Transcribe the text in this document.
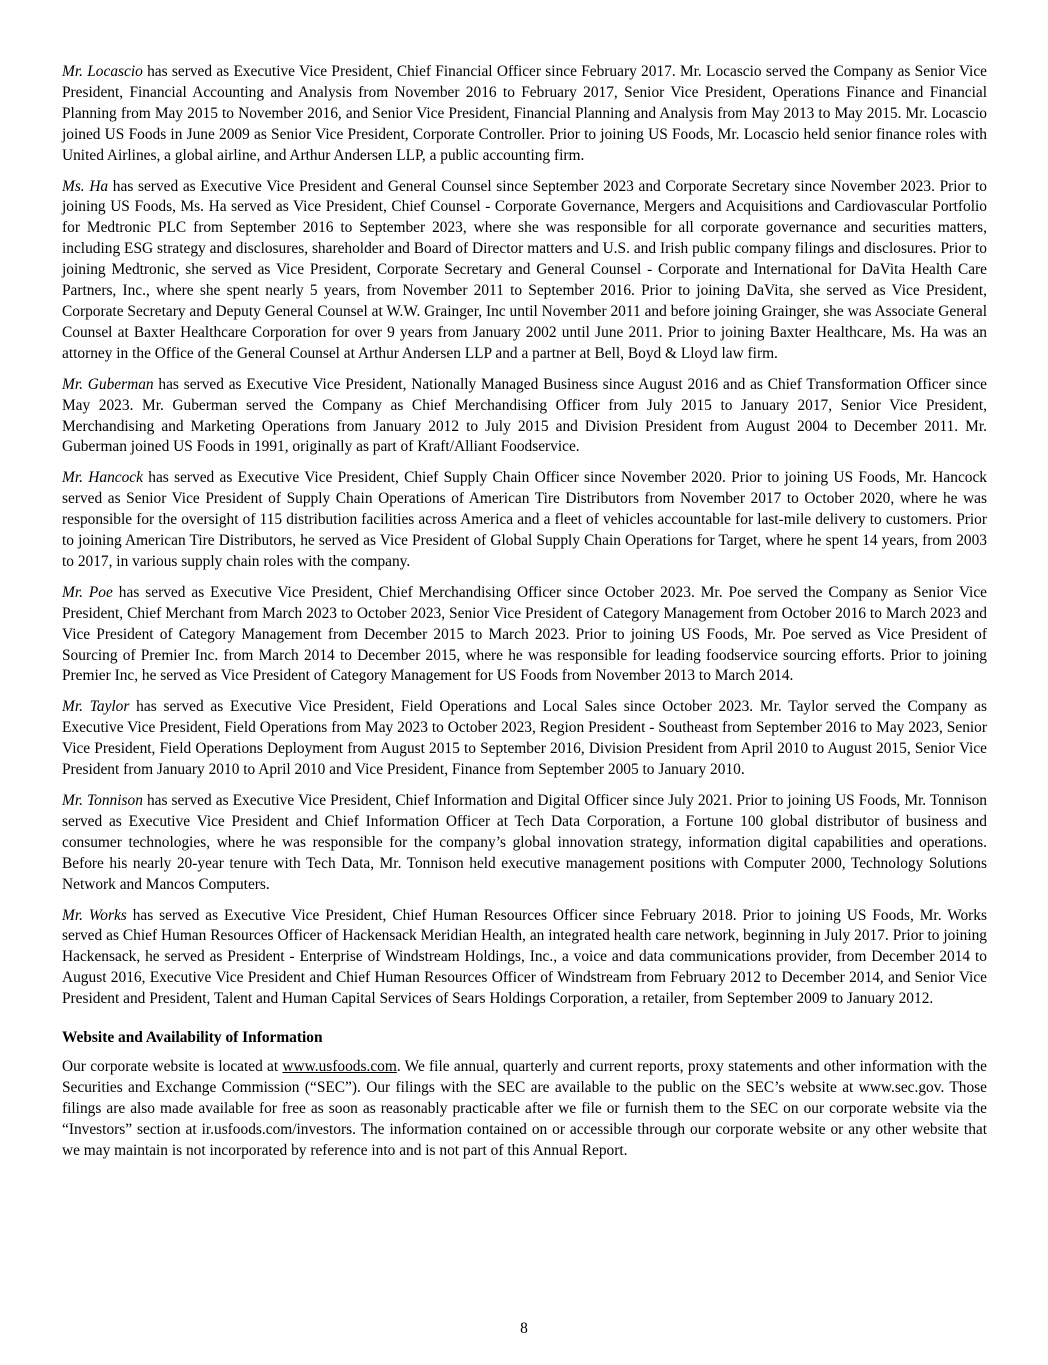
Mr. Locascio has served as Executive Vice President, Chief Financial Officer since February 2017. Mr. Locascio served the Company as Senior Vice President, Financial Accounting and Analysis from November 2016 to February 2017, Senior Vice President, Operations Finance and Financial Planning from May 2015 to November 2016, and Senior Vice President, Financial Planning and Analysis from May 2013 to May 2015. Mr. Locascio joined US Foods in June 2009 as Senior Vice President, Corporate Controller. Prior to joining US Foods, Mr. Locascio held senior finance roles with United Airlines, a global airline, and Arthur Andersen LLP, a public accounting firm.

Ms. Ha has served as Executive Vice President and General Counsel since September 2023 and Corporate Secretary since November 2023. Prior to joining US Foods, Ms. Ha served as Vice President, Chief Counsel - Corporate Governance, Mergers and Acquisitions and Cardiovascular Portfolio for Medtronic PLC from September 2016 to September 2023, where she was responsible for all corporate governance and securities matters, including ESG strategy and disclosures, shareholder and Board of Director matters and U.S. and Irish public company filings and disclosures. Prior to joining Medtronic, she served as Vice President, Corporate Secretary and General Counsel - Corporate and International for DaVita Health Care Partners, Inc., where she spent nearly 5 years, from November 2011 to September 2016. Prior to joining DaVita, she served as Vice President, Corporate Secretary and Deputy General Counsel at W.W. Grainger, Inc until November 2011 and before joining Grainger, she was Associate General Counsel at Baxter Healthcare Corporation for over 9 years from January 2002 until June 2011. Prior to joining Baxter Healthcare, Ms. Ha was an attorney in the Office of the General Counsel at Arthur Andersen LLP and a partner at Bell, Boyd & Lloyd law firm.

Mr. Guberman has served as Executive Vice President, Nationally Managed Business since August 2016 and as Chief Transformation Officer since May 2023. Mr. Guberman served the Company as Chief Merchandising Officer from July 2015 to January 2017, Senior Vice President, Merchandising and Marketing Operations from January 2012 to July 2015 and Division President from August 2004 to December 2011. Mr. Guberman joined US Foods in 1991, originally as part of Kraft/Alliant Foodservice.

Mr. Hancock has served as Executive Vice President, Chief Supply Chain Officer since November 2020. Prior to joining US Foods, Mr. Hancock served as Senior Vice President of Supply Chain Operations of American Tire Distributors from November 2017 to October 2020, where he was responsible for the oversight of 115 distribution facilities across America and a fleet of vehicles accountable for last-mile delivery to customers. Prior to joining American Tire Distributors, he served as Vice President of Global Supply Chain Operations for Target, where he spent 14 years, from 2003 to 2017, in various supply chain roles with the company.

Mr. Poe has served as Executive Vice President, Chief Merchandising Officer since October 2023. Mr. Poe served the Company as Senior Vice President, Chief Merchant from March 2023 to October 2023, Senior Vice President of Category Management from October 2016 to March 2023 and Vice President of Category Management from December 2015 to March 2023. Prior to joining US Foods, Mr. Poe served as Vice President of Sourcing of Premier Inc. from March 2014 to December 2015, where he was responsible for leading foodservice sourcing efforts. Prior to joining Premier Inc, he served as Vice President of Category Management for US Foods from November 2013 to March 2014.

Mr. Taylor has served as Executive Vice President, Field Operations and Local Sales since October 2023. Mr. Taylor served the Company as Executive Vice President, Field Operations from May 2023 to October 2023, Region President - Southeast from September 2016 to May 2023, Senior Vice President, Field Operations Deployment from August 2015 to September 2016, Division President from April 2010 to August 2015, Senior Vice President from January 2010 to April 2010 and Vice President, Finance from September 2005 to January 2010.

Mr. Tonnison has served as Executive Vice President, Chief Information and Digital Officer since July 2021. Prior to joining US Foods, Mr. Tonnison served as Executive Vice President and Chief Information Officer at Tech Data Corporation, a Fortune 100 global distributor of business and consumer technologies, where he was responsible for the company’s global innovation strategy, information digital capabilities and operations. Before his nearly 20-year tenure with Tech Data, Mr. Tonnison held executive management positions with Computer 2000, Technology Solutions Network and Mancos Computers.

Mr. Works has served as Executive Vice President, Chief Human Resources Officer since February 2018. Prior to joining US Foods, Mr. Works served as Chief Human Resources Officer of Hackensack Meridian Health, an integrated health care network, beginning in July 2017. Prior to joining Hackensack, he served as President - Enterprise of Windstream Holdings, Inc., a voice and data communications provider, from December 2014 to August 2016, Executive Vice President and Chief Human Resources Officer of Windstream from February 2012 to December 2014, and Senior Vice President and President, Talent and Human Capital Services of Sears Holdings Corporation, a retailer, from September 2009 to January 2012.

Website and Availability of Information

Our corporate website is located at www.usfoods.com. We file annual, quarterly and current reports, proxy statements and other information with the Securities and Exchange Commission (“SEC”). Our filings with the SEC are available to the public on the SEC’s website at www.sec.gov. Those filings are also made available for free as soon as reasonably practicable after we file or furnish them to the SEC on our corporate website via the “Investors” section at ir.usfoods.com/investors. The information contained on or accessible through our corporate website or any other website that we may maintain is not incorporated by reference into and is not part of this Annual Report.

8
